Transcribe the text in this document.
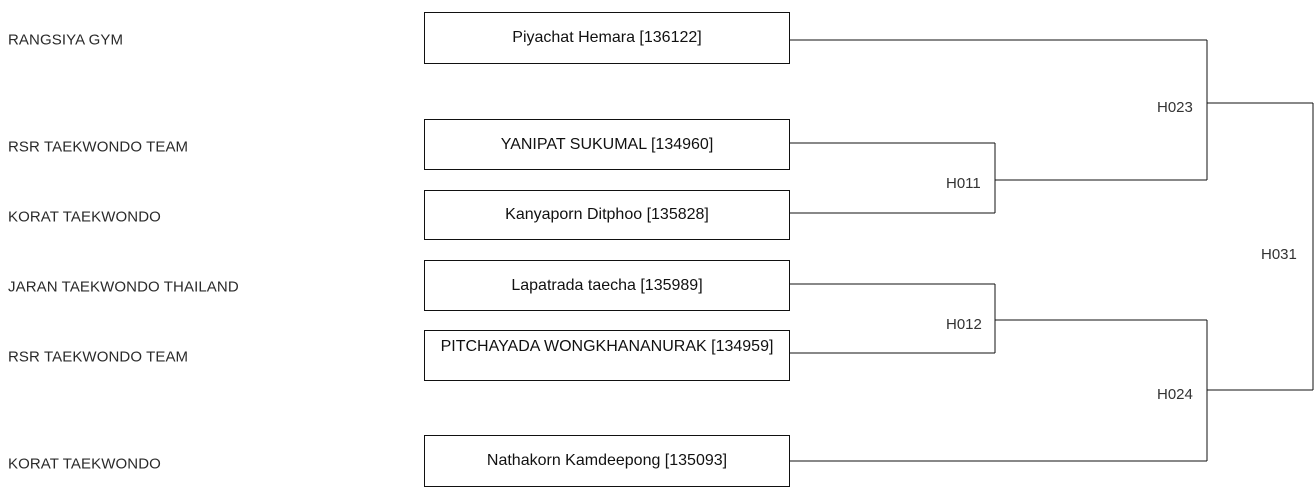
RANGSIYA GYM
RSR TAEKWONDO TEAM
KORAT TAEKWONDO
JARAN TAEKWONDO THAILAND
RSR TAEKWONDO TEAM
KORAT TAEKWONDO
Piyachat Hemara [136122]
YANIPAT SUKUMAL [134960]
Kanyaporn Ditphoo [135828]
Lapatrada taecha [135989]
PITCHAYADA WONGKHANANURAK [134959]
Nathakorn Kamdeepong [135093]
H011
H012
H023
H024
H031
